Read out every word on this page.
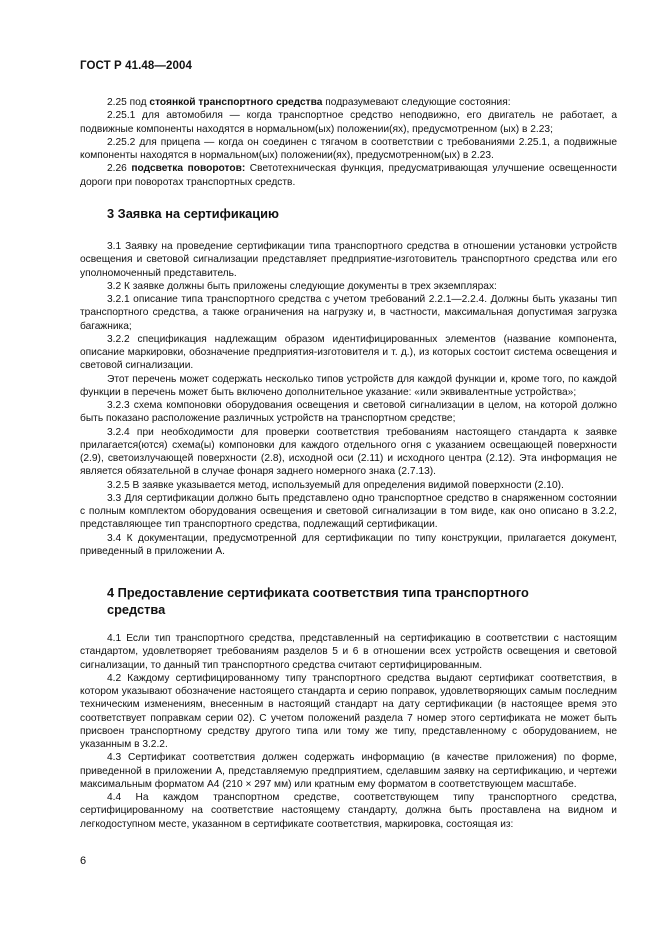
ГОСТ Р 41.48—2004

2.25 под стоянкой транспортного средства подразумевают следующие состояния:

2.25.1 для автомобиля — когда транспортное средство неподвижно, его двигатель не работает, а подвижные компоненты находятся в нормальном(ых) положении(ях), предусмотренном (ых) в 2.23;

2.25.2 для прицепа — когда он соединен с тягачом в соответствии с требованиями 2.25.1, а подвижные компоненты находятся в нормальном(ых) положении(ях), предусмотренном(ых) в 2.23.

2.26 подсветка поворотов: Светотехническая функция, предусматривающая улучшение освещенности дороги при поворотах транспортных средств.

3 Заявка на сертификацию

3.1 Заявку на проведение сертификации типа транспортного средства в отношении установки устройств освещения и световой сигнализации представляет предприятие-изготовитель транспортного средства или его уполномоченный представитель.

3.2 К заявке должны быть приложены следующие документы в трех экземплярах:

3.2.1 описание типа транспортного средства с учетом требований 2.2.1—2.2.4. Должны быть указаны тип транспортного средства, а также ограничения на нагрузку и, в частности, максимальная допустимая загрузка багажника;

3.2.2 спецификация надлежащим образом идентифицированных элементов (название компонента, описание маркировки, обозначение предприятия-изготовителя и т. д.), из которых состоит система освещения и световой сигнализации.

Этот перечень может содержать несколько типов устройств для каждой функции и, кроме того, по каждой функции в перечень может быть включено дополнительное указание: «или эквивалентные устройства»;

3.2.3 схема компоновки оборудования освещения и световой сигнализации в целом, на которой должно быть показано расположение различных устройств на транспортном средстве;

3.2.4 при необходимости для проверки соответствия требованиям настоящего стандарта к заявке прилагается(ются) схема(ы) компоновки для каждого отдельного огня с указанием освещающей поверхности (2.9), светоизлучающей поверхности (2.8), исходной оси (2.11) и исходного центра (2.12). Эта информация не является обязательной в случае фонаря заднего номерного знака (2.7.13).

3.2.5 В заявке указывается метод, используемый для определения видимой поверхности (2.10).

3.3 Для сертификации должно быть представлено одно транспортное средство в снаряженном состоянии с полным комплектом оборудования освещения и световой сигнализации в том виде, как оно описано в 3.2.2, представляющее тип транспортного средства, подлежащий сертификации.

3.4 К документации, предусмотренной для сертификации по типу конструкции, прилагается документ, приведенный в приложении А.

4 Предоставление сертификата соответствия типа транспортного
средства

4.1 Если тип транспортного средства, представленный на сертификацию в соответствии с настоящим стандартом, удовлетворяет требованиям разделов 5 и 6 в отношении всех устройств освещения и световой сигнализации, то данный тип транспортного средства считают сертифицированным.

4.2 Каждому сертифицированному типу транспортного средства выдают сертификат соответствия, в котором указывают обозначение настоящего стандарта и серию поправок, удовлетворяющих самым последним техническим изменениям, внесенным в настоящий стандарт на дату сертификации (в настоящее время это соответствует поправкам серии 02). С учетом положений раздела 7 номер этого сертификата не может быть присвоен транспортному средству другого типа или тому же типу, представленному с оборудованием, не указанным в 3.2.2.

4.3 Сертификат соответствия должен содержать информацию (в качестве приложения) по форме, приведенной в приложении А, представляемую предприятием, сделавшим заявку на сертификацию, и чертежи максимальным форматом А4 (210 × 297 мм) или кратным ему форматом в соответствующем масштабе.

4.4 На каждом транспортном средстве, соответствующем типу транспортного средства, сертифицированному на соответствие настоящему стандарту, должна быть проставлена на видном и легкодоступном месте, указанном в сертификате соответствия, маркировка, состоящая из:

6
